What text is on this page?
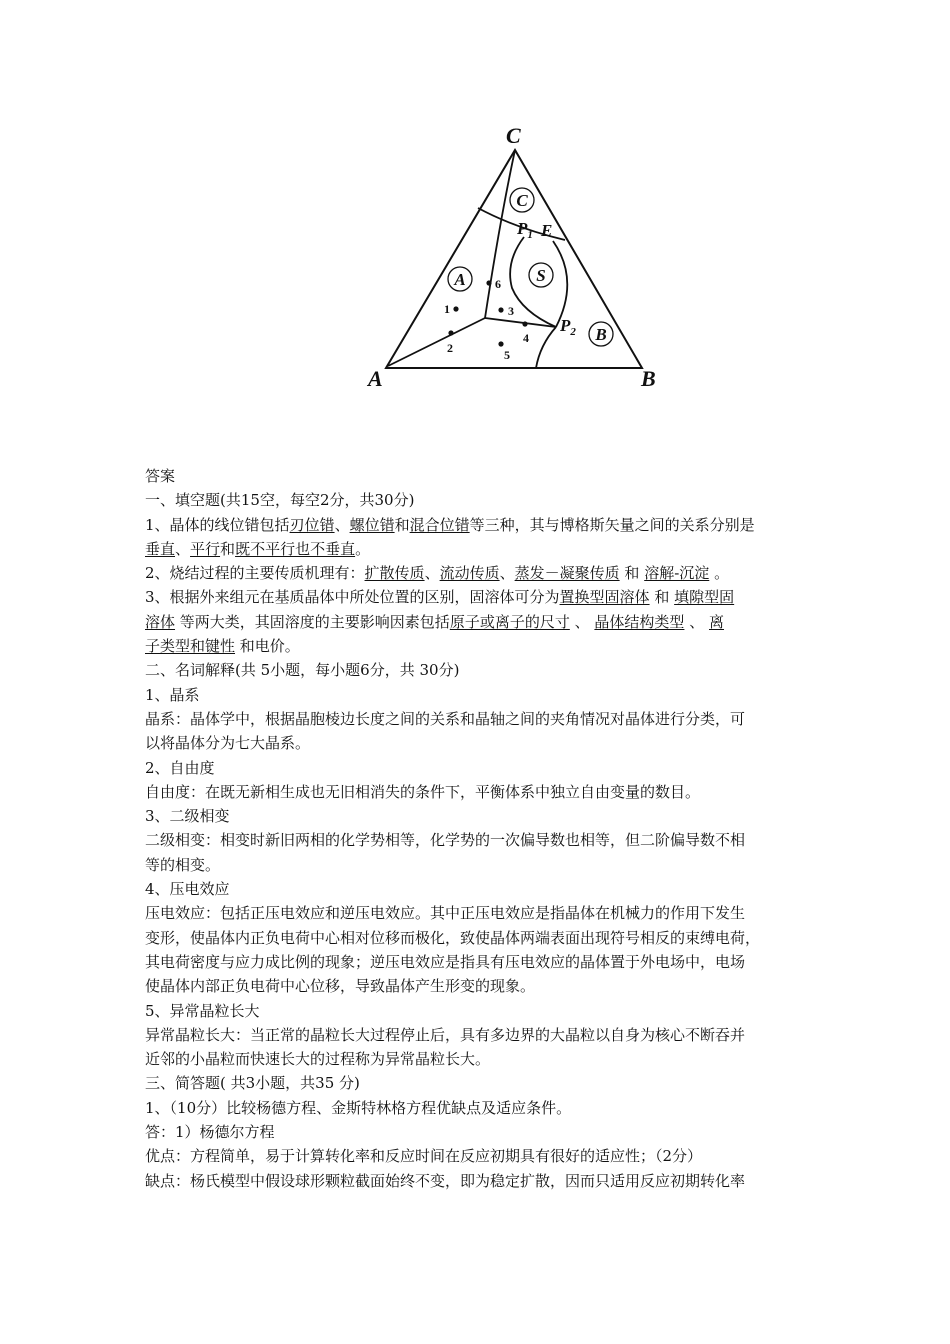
C
A	B
C
A	S
B
$P_1$ E
$P_2$
1
2
3
4
5
6
答案
一、填空题(共15空，每空2分，共30分)
1、晶体的线位错包括刃位错、螺位错和混合位错等三种，其与博格斯矢量之间的关系分别是
垂直、平行和既不平行也不垂直。
2、烧结过程的主要传质机理有：扩散传质、流动传质、蒸发－凝聚传质 和 溶解-沉淀 。
3、根据外来组元在基质晶体中所处位置的区别，固溶体可分为置换型固溶体 和 填隙型固
溶体 等两大类，其固溶度的主要影响因素包括原子或离子的尺寸 、 晶体结构类型 、 离
子类型和键性 和电价。
二、名词解释(共 5小题，每小题6分，共 30分)
1、晶系
晶系：晶体学中，根据晶胞棱边长度之间的关系和晶轴之间的夹角情况对晶体进行分类，可
以将晶体分为七大晶系。
2、自由度
自由度：在既无新相生成也无旧相消失的条件下，平衡体系中独立自由变量的数目。
3、二级相变
二级相变：相变时新旧两相的化学势相等，化学势的一次偏导数也相等，但二阶偏导数不相
等的相变。
4、压电效应
压电效应：包括正压电效应和逆压电效应。其中正压电效应是指晶体在机械力的作用下发生
变形，使晶体内正负电荷中心相对位移而极化，致使晶体两端表面出现符号相反的束缚电荷，
其电荷密度与应力成比例的现象；逆压电效应是指具有压电效应的晶体置于外电场中，电场
使晶体内部正负电荷中心位移，导致晶体产生形变的现象。
5、异常晶粒长大
异常晶粒长大：当正常的晶粒长大过程停止后，具有多边界的大晶粒以自身为核心不断吞并
近邻的小晶粒而快速长大的过程称为异常晶粒长大。
三、简答题( 共3小题，共35 分)
1、（10分）比较杨德方程、金斯特林格方程优缺点及适应条件。
答：1）杨德尔方程
优点：方程简单，易于计算转化率和反应时间在反应初期具有很好的适应性；（2分）
缺点：杨氏模型中假设球形颗粒截面始终不变，即为稳定扩散，因而只适用反应初期转化率
